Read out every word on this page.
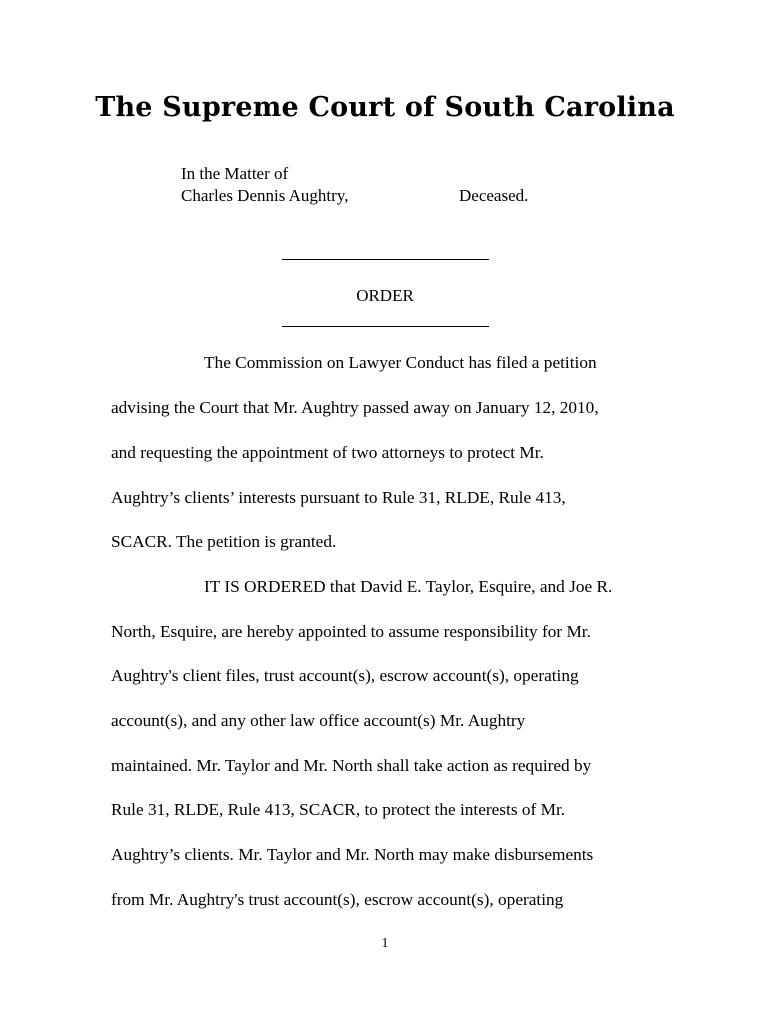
The Supreme Court of South Carolina
In the Matter of
Charles Dennis Aughtry,	Deceased.
ORDER
The Commission on Lawyer Conduct has filed a petition
advising the Court that Mr. Aughtry passed away on January 12, 2010,
and requesting the appointment of two attorneys to protect Mr.
Aughtry’s clients’ interests pursuant to Rule 31, RLDE, Rule 413,
SCACR. The petition is granted.
IT IS ORDERED that David E. Taylor, Esquire, and Joe R.
North, Esquire, are hereby appointed to assume responsibility for Mr.
Aughtry's client files, trust account(s), escrow account(s), operating
account(s), and any other law office account(s) Mr. Aughtry
maintained. Mr. Taylor and Mr. North shall take action as required by
Rule 31, RLDE, Rule 413, SCACR, to protect the interests of Mr.
Aughtry’s clients. Mr. Taylor and Mr. North may make disbursements
from Mr. Aughtry's trust account(s), escrow account(s), operating
1
